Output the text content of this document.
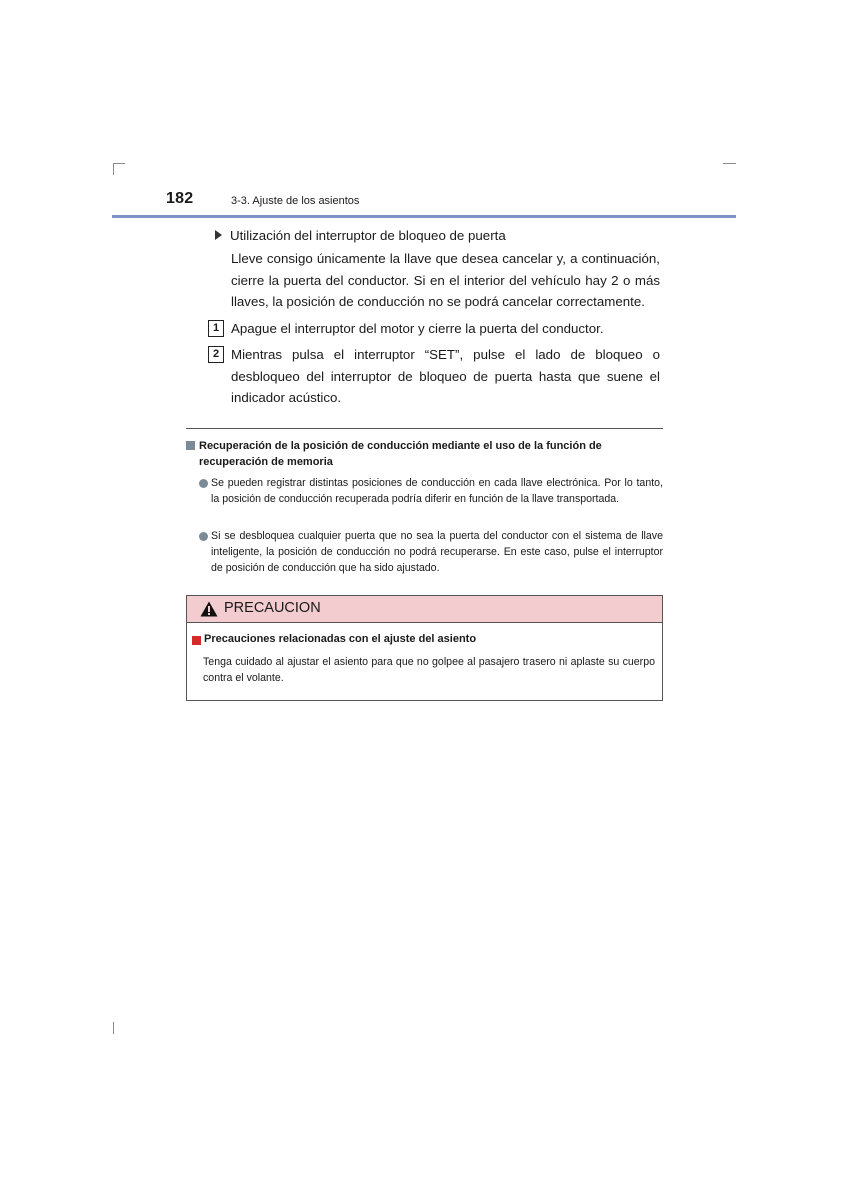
182	3-3. Ajuste de los asientos
Utilización del interruptor de bloqueo de puerta
Lleve consigo únicamente la llave que desea cancelar y, a continuación, cierre la puerta del conductor. Si en el interior del vehículo hay 2 o más llaves, la posición de conducción no se podrá cancelar correctamente.
1 Apague el interruptor del motor y cierre la puerta del conductor.
2 Mientras pulsa el interruptor “SET”, pulse el lado de bloqueo o desbloqueo del interruptor de bloqueo de puerta hasta que suene el indicador acústico.
Recuperación de la posición de conducción mediante el uso de la función de recuperación de memoria
Se pueden registrar distintas posiciones de conducción en cada llave electrónica. Por lo tanto, la posición de conducción recuperada podría diferir en función de la llave transportada.
Si se desbloquea cualquier puerta que no sea la puerta del conductor con el sistema de llave inteligente, la posición de conducción no podrá recuperarse. En este caso, pulse el interruptor de posición de conducción que ha sido ajustado.
PRECAUCION
Precauciones relacionadas con el ajuste del asiento
Tenga cuidado al ajustar el asiento para que no golpee al pasajero trasero ni aplaste su cuerpo contra el volante.
